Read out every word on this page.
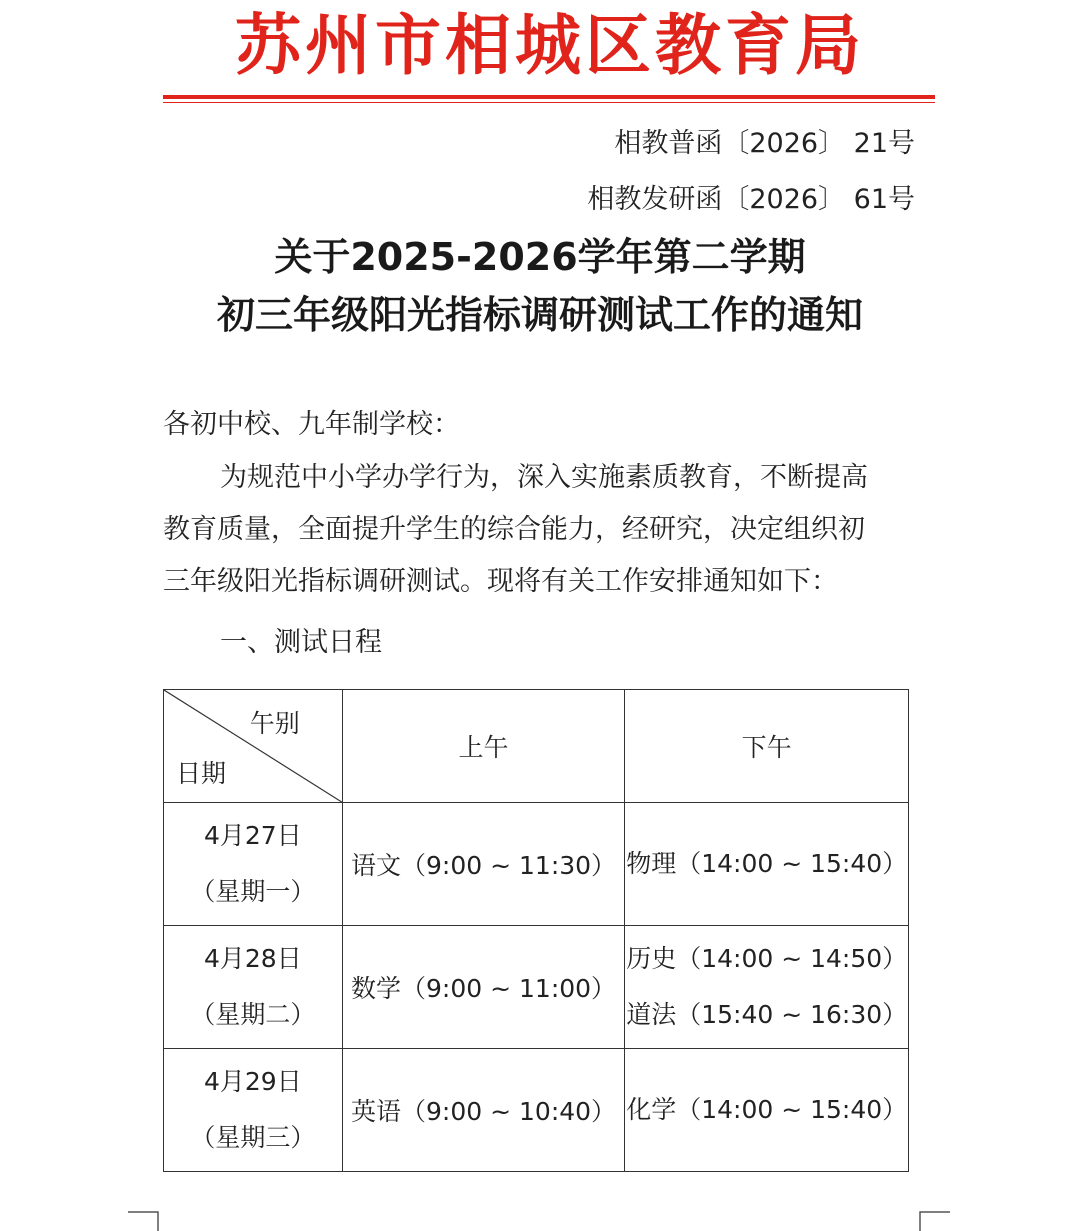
苏州市相城区教育局
相教普函〔2026〕 21号
相教发研函〔2026〕 61号
关于2025-2026学年第二学期
初三年级阳光指标调研测试工作的通知
各初中校、九年制学校：
为规范中小学办学行为，深入实施素质教育，不断提高
教育质量，全面提升学生的综合能力，经研究，决定组织初
三年级阳光指标调研测试。现将有关工作安排通知如下：
一、测试日程
午别
日期	上午	下午

4月27日
（星期一）	语文（9:00 ~ 11:30）	物理（14:00 ~ 15:40）

4月28日
（星期二）	数学（9:00 ~ 11:00）	历史（14:00 ~ 14:50）
道法（15:40 ~ 16:30）

4月29日
（星期三）	英语（9:00 ~ 10:40）	化学（14:00 ~ 15:40）
